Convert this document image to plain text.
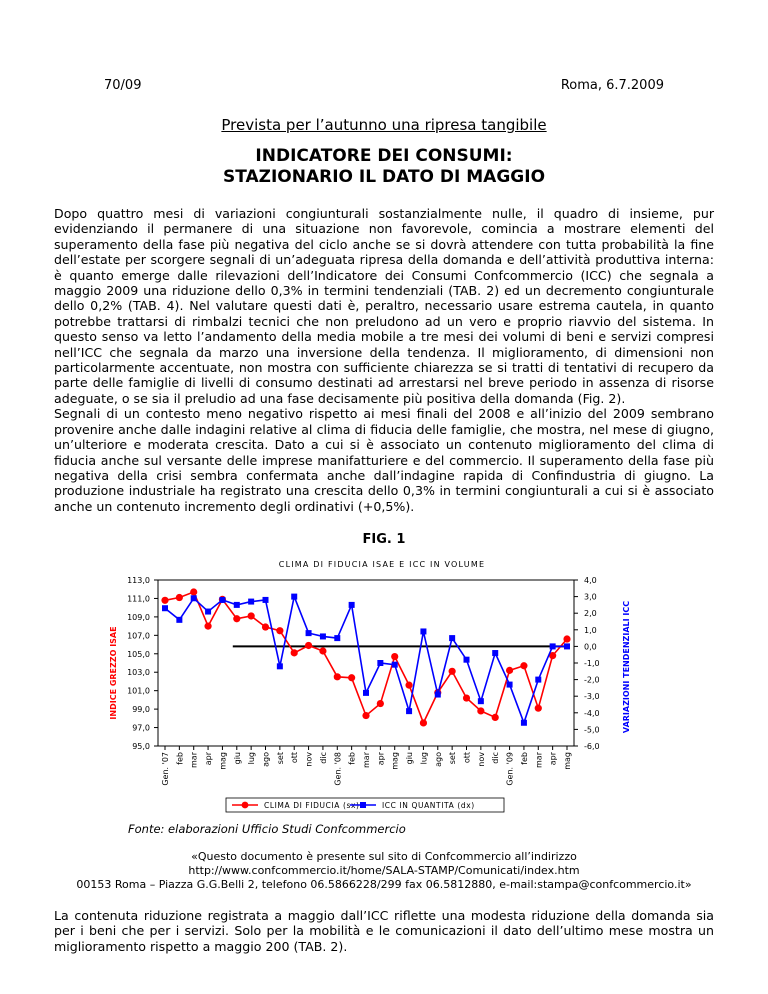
70/09	Roma, 6.7.2009
Prevista per l’autunno una ripresa tangibile
INDICATORE DEI CONSUMI:
STAZIONARIO IL DATO DI MAGGIO

Dopo quattro mesi di variazioni congiunturali sostanzialmente nulle, il quadro di insieme, pur evidenziando il permanere di una situazione non favorevole, comincia a mostrare elementi del superamento della fase più negativa del ciclo anche se si dovrà attendere con tutta probabilità la fine dell’estate per scorgere segnali di un’adeguata ripresa della domanda e dell’attività produttiva interna: è quanto emerge dalle rilevazioni dell’Indicatore dei Consumi Confcommercio (ICC) che segnala a maggio 2009 una riduzione dello 0,3% in termini tendenziali (TAB. 2) ed un decremento congiunturale dello 0,2% (TAB. 4). Nel valutare questi dati è, peraltro, necessario usare estrema cautela, in quanto potrebbe trattarsi di rimbalzi tecnici che non preludono ad un vero e proprio riavvio del sistema. In questo senso va letto l’andamento della media mobile a tre mesi dei volumi di beni e servizi compresi nell’ICC che segnala da marzo una inversione della tendenza. Il miglioramento, di dimensioni non particolarmente accentuate, non mostra con sufficiente chiarezza se si tratti di tentativi di recupero da parte delle famiglie di livelli di consumo destinati ad arrestarsi nel breve periodo in assenza di risorse adeguate, o se sia il preludio ad una fase decisamente più positiva della domanda (Fig. 2).

Segnali di un contesto meno negativo rispetto ai mesi finali del 2008 e all’inizio del 2009 sembrano provenire anche dalle indagini relative al clima di fiducia delle famiglie, che mostra, nel mese di giugno, un’ulteriore e moderata crescita. Dato a cui si è associato un contenuto miglioramento del clima di fiducia anche sul versante delle imprese manifatturiere e del commercio. Il superamento della fase più negativa della crisi sembra confermata anche dall’indagine rapida di Confindustria di giugno. La produzione industriale ha registrato una crescita dello 0,3% in termini congiunturali a cui si è associato anche un contenuto incremento degli ordinativi (+0,5%).

FIG. 1
CLIMA DI FIDUCIA ISAE E ICC IN VOLUME
INDICE GREZZO ISAE	VARIAZIONI TENDENZIALI ICC
113,0
111,0
109,0
107,0
105,0
103,0
101,0
99,0
97,0
95,0
4,0
3,0
2,0
1,0
0,0
-1,0
-2,0
-3,0
-4,0
-5,0
-6,0
Gen. '07 feb mar apr mag giu lug ago set ott nov dic Gen. '08 feb mar apr mag giu lug ago set ott nov dic Gen. '09 feb mar apr mag
CLIMA DI FIDUCIA (sx)	ICC IN QUANTITA (dx)
Fonte: elaborazioni Ufficio Studi Confcommercio
«Questo documento è presente sul sito di Confcommercio all’indirizzo
http://www.confcommercio.it/home/SALA-STAMP/Comunicati/index.htm
00153 Roma – Piazza G.G.Belli 2, telefono 06.5866228/299 fax 06.5812880, e-mail:stampa@confcommercio.it»
La contenuta riduzione registrata a maggio dall’ICC riflette una modesta riduzione della domanda sia per i beni che per i servizi. Solo per la mobilità e le comunicazioni il dato dell’ultimo mese mostra un miglioramento rispetto a maggio 200 (TAB. 2).
